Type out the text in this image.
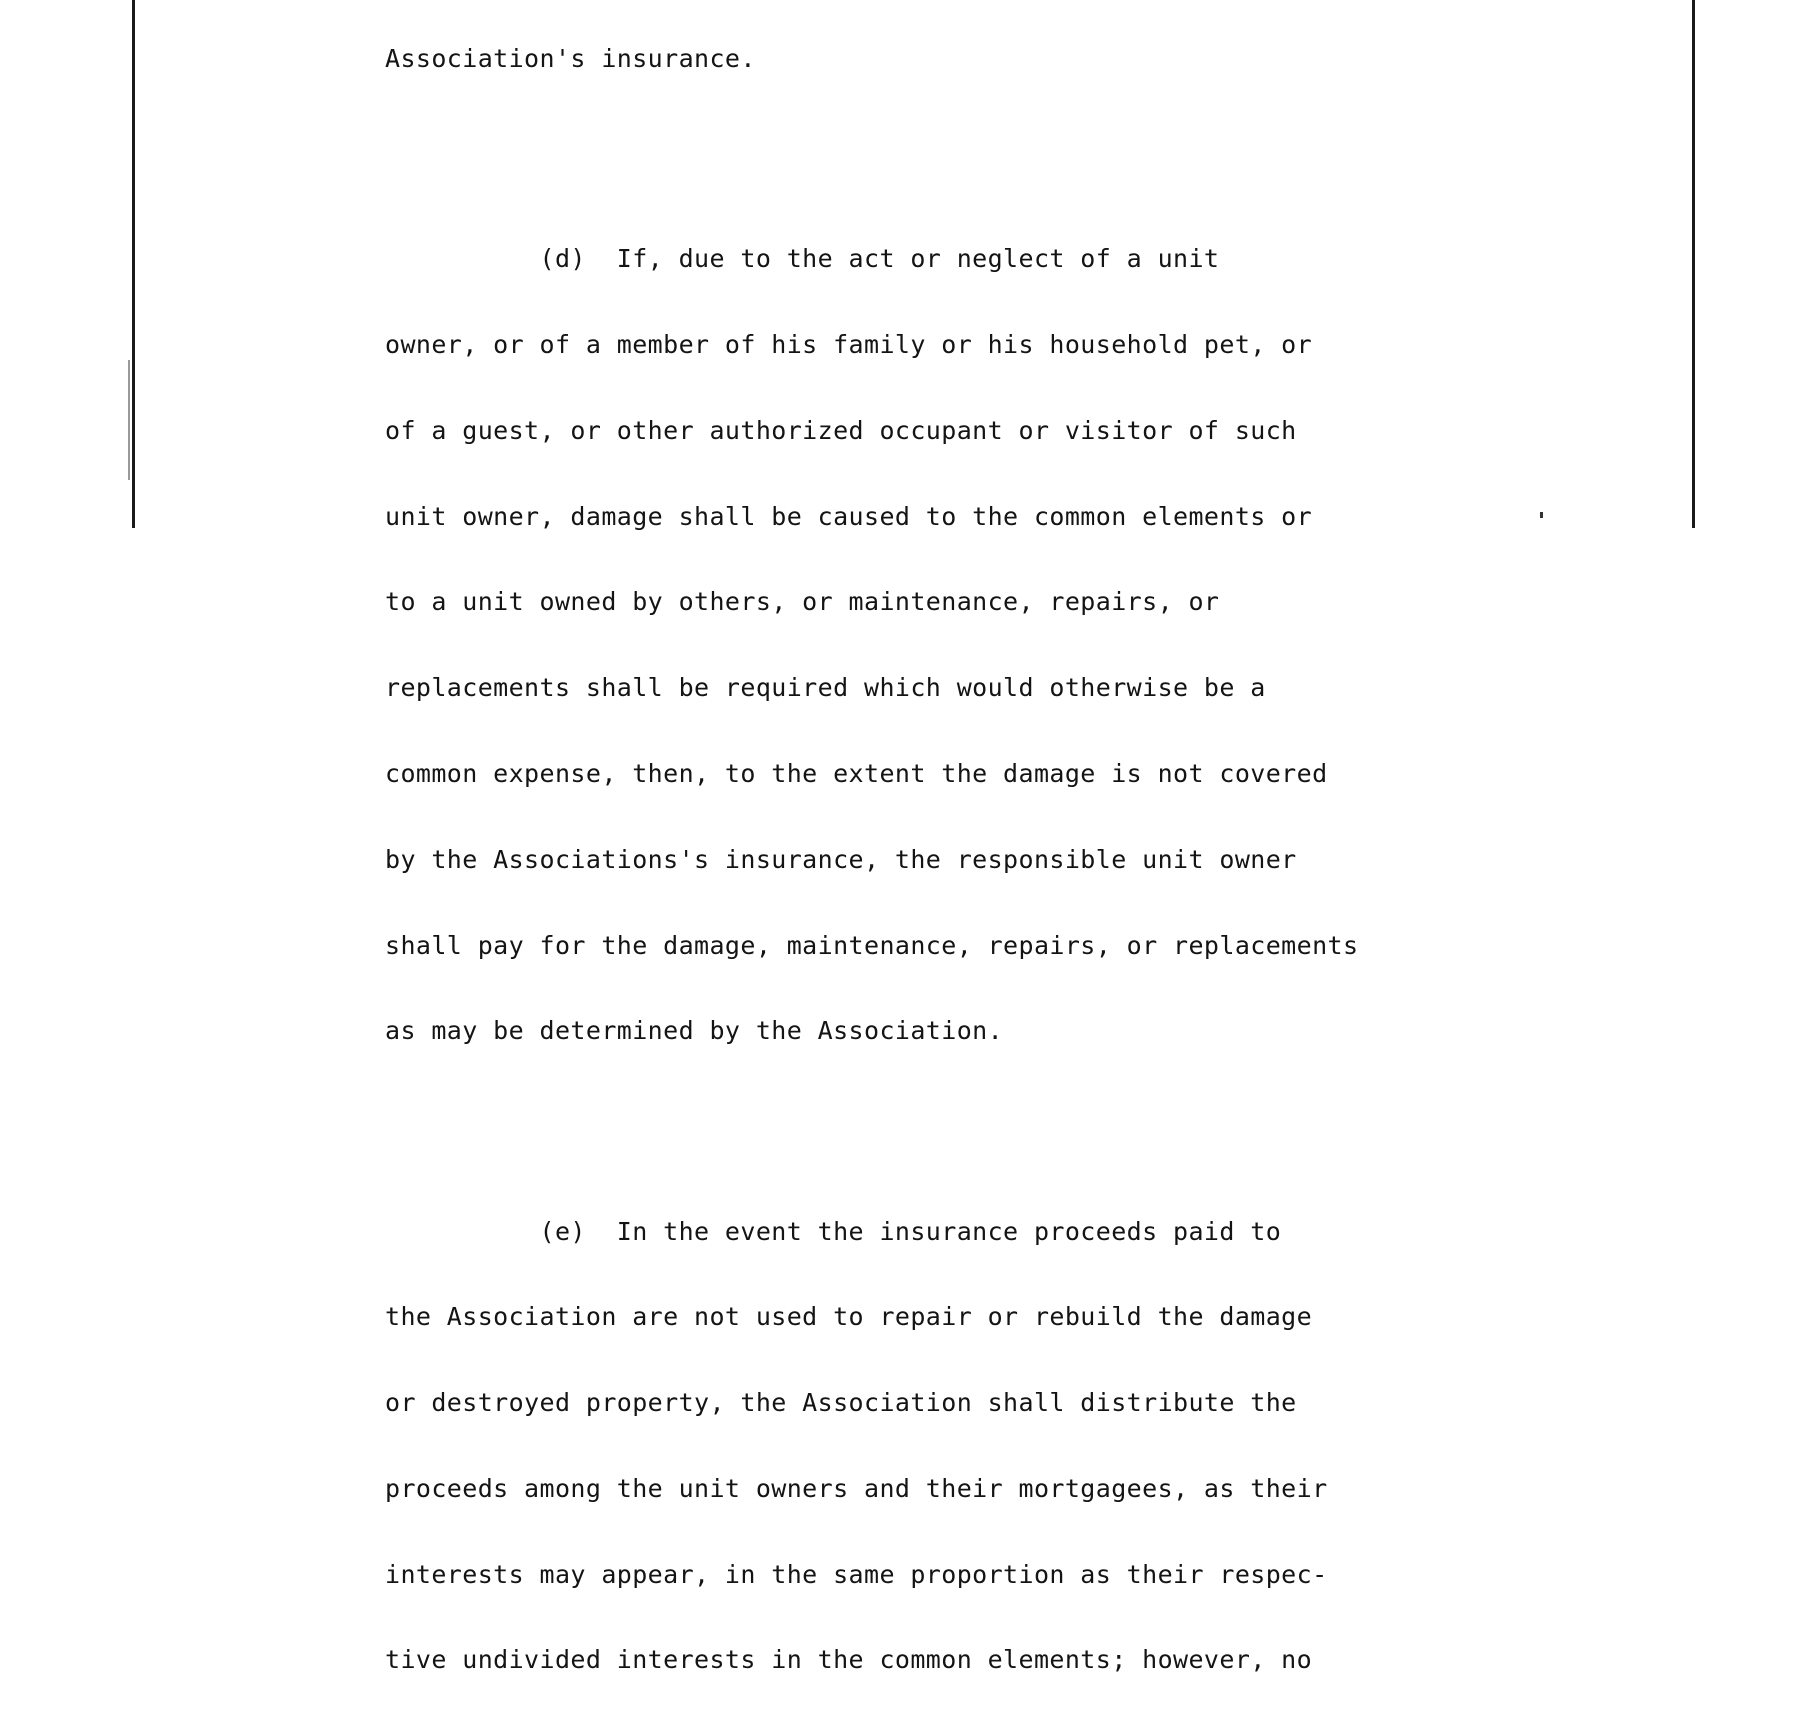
Association's insurance.

(d)  If, due to the act or neglect of a unit

owner, or of a member of his family or his household pet, or

of a guest, or other authorized occupant or visitor of such

unit owner, damage shall be caused to the common elements or

to a unit owned by others, or maintenance, repairs, or

replacements shall be required which would otherwise be a

common expense, then, to the extent the damage is not covered

by the Associations's insurance, the responsible unit owner

shall pay for the damage, maintenance, repairs, or replacements

as may be determined by the Association.

(e)  In the event the insurance proceeds paid to

the Association are not used to repair or rebuild the damage

or destroyed property, the Association shall distribute the

proceeds among the unit owners and their mortgagees, as their

interests may appear, in the same proportion as their respec-

tive undivided interests in the common elements; however, no
